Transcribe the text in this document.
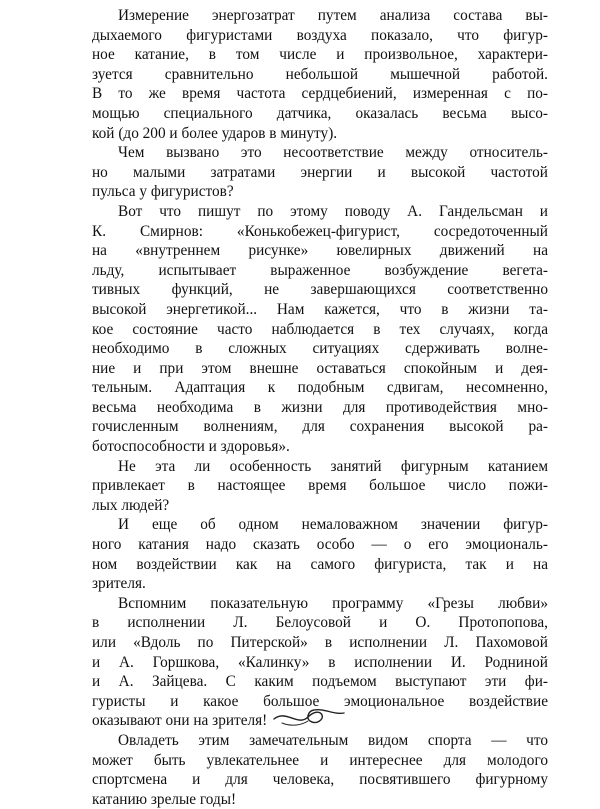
Измерение энергозатрат путем анализа состава вы-
дыхаемого фигуристами воздуха показало, что фигур-
ное катание, в том числе и произвольное, характери-
зуется сравнительно небольшой мышечной работой.
В то же время частота сердцебиений, измеренная с по-
мощью специального датчика, оказалась весьма высо-
кой (до 200 и более ударов в минуту).
Чем вызвано это несоответствие между относитель-
но малыми затратами энергии и высокой частотой
пульса у фигуристов?
Вот что пишут по этому поводу А. Гандельсман и
К. Смирнов: «Конькобежец-фигурист, сосредоточенный
на «внутреннем рисунке» ювелирных движений на
льду, испытывает выраженное возбуждение вегета-
тивных функций, не завершающихся соответственно
высокой энергетикой... Нам кажется, что в жизни та-
кое состояние часто наблюдается в тех случаях, когда
необходимо в сложных ситуациях сдерживать волне-
ние и при этом внешне оставаться спокойным и дея-
тельным. Адаптация к подобным сдвигам, несомненно,
весьма необходима в жизни для противодействия мно-
гочисленным волнениям, для сохранения высокой ра-
ботоспособности и здоровья».
Не эта ли особенность занятий фигурным катанием
привлекает в настоящее время большое число пожи-
лых людей?
И еще об одном немаловажном значении фигур-
ного катания надо сказать особо — о его эмоциональ-
ном воздействии как на самого фигуриста, так и на
зрителя.
Вспомним показательную программу «Грезы любви»
в исполнении Л. Белоусовой и О. Протопопова,
или «Вдоль по Питерской» в исполнении Л. Пахомовой
и А. Горшкова, «Калинку» в исполнении И. Родниной
и А. Зайцева. С каким подъемом выступают эти фи-
гуристы и какое большое эмоциональное воздействие
оказывают они на зрителя!
Овладеть этим замечательным видом спорта — что
может быть увлекательнее и интереснее для молодого
спортсмена и для человека, посвятившего фигурному
катанию зрелые годы!
